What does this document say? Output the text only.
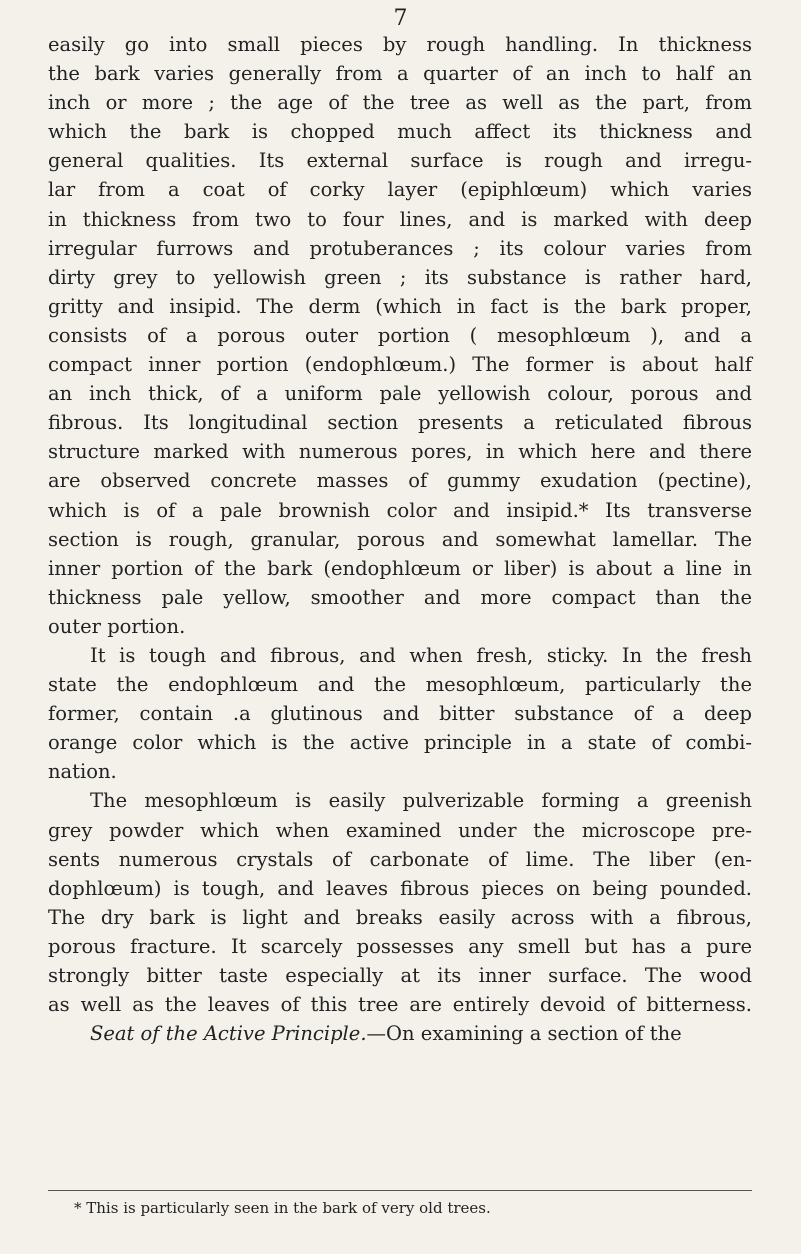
7
easily go into small pieces by rough handling. In thickness
the bark varies generally from a quarter of an inch to half an
inch or more ; the age of the tree as well as the part, from
which the bark is chopped much affect its thickness and
general qualities. Its external surface is rough and irregu-
lar from a coat of corky layer (epiphlœum) which varies
in thickness from two to four lines, and is marked with deep
irregular furrows and protuberances ; its colour varies from
dirty grey to yellowish green ; its substance is rather hard,
gritty and insipid. The derm (which in fact is the bark proper,
consists of a porous outer portion ( mesophlœum ), and a
compact inner portion (endophlœum.) The former is about half
an inch thick, of a uniform pale yellowish colour, porous and
fibrous. Its longitudinal section presents a reticulated fibrous
structure marked with numerous pores, in which here and there
are observed concrete masses of gummy exudation (pectine),
which is of a pale brownish color and insipid.* Its transverse
section is rough, granular, porous and somewhat lamellar. The
inner portion of the bark (endophlœum or liber) is about a line in
thickness pale yellow, smoother and more compact than the
outer portion.
It is tough and fibrous, and when fresh, sticky. In the fresh
state the endophlœum and the mesophlœum, particularly the
former, contain .a glutinous and bitter substance of a deep
orange color which is the active principle in a state of combi-
nation.
The mesophlœum is easily pulverizable forming a greenish
grey powder which when examined under the microscope pre-
sents numerous crystals of carbonate of lime. The liber (en-
dophlœum) is tough, and leaves fibrous pieces on being pounded.
The dry bark is light and breaks easily across with a fibrous,
porous fracture. It scarcely possesses any smell but has a pure
strongly bitter taste especially at its inner surface. The wood
as well as the leaves of this tree are entirely devoid of bitterness.
Seat of the Active Principle.—On examining a section of the
* This is particularly seen in the bark of very old trees.
